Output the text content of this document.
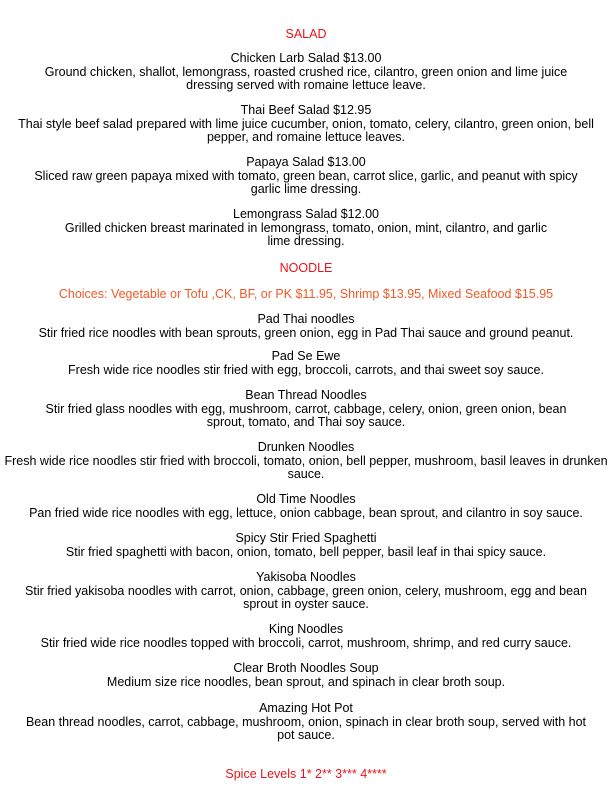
SALAD
Chicken Larb Salad $13.00
Ground chicken, shallot, lemongrass, roasted crushed rice, cilantro, green onion and lime juice dressing served with romaine lettuce leave.
Thai Beef Salad $12.95
Thai style beef salad prepared with lime juice cucumber, onion, tomato, celery, cilantro, green onion, bell pepper, and romaine lettuce leaves.
Papaya Salad $13.00
Sliced raw green papaya mixed with tomato, green bean, carrot slice, garlic, and peanut with spicy garlic lime dressing.
Lemongrass Salad $12.00
Grilled chicken breast marinated in lemongrass, tomato, onion, mint, cilantro, and garlic lime dressing.
NOODLE
Choices: Vegetable or Tofu ,CK, BF, or PK $11.95, Shrimp $13.95, Mixed Seafood $15.95
Pad Thai noodles
Stir fried rice noodles with bean sprouts, green onion, egg in Pad Thai sauce and ground peanut.
Pad Se Ewe
Fresh wide rice noodles stir fried with egg, broccoli, carrots, and thai sweet soy sauce.
Bean Thread Noodles
Stir fried glass noodles with egg, mushroom, carrot, cabbage, celery, onion, green onion, bean sprout, tomato, and Thai soy sauce.
Drunken Noodles
Fresh wide rice noodles stir fried with broccoli, tomato, onion, bell pepper, mushroom, basil leaves in drunken sauce.
Old Time Noodles
Pan fried wide rice noodles with egg, lettuce, onion cabbage, bean sprout, and cilantro in soy sauce.
Spicy Stir Fried Spaghetti
Stir fried spaghetti with bacon, onion, tomato, bell pepper, basil leaf in thai spicy sauce.
Yakisoba Noodles
Stir fried yakisoba noodles with carrot, onion, cabbage, green onion, celery, mushroom, egg and bean sprout in oyster sauce.
King Noodles
Stir fried wide rice noodles topped with broccoli, carrot, mushroom, shrimp, and red curry sauce.
Clear Broth Noodles Soup
Medium size rice noodles, bean sprout, and spinach in clear broth soup.
Amazing Hot Pot
Bean thread noodles, carrot, cabbage, mushroom, onion, spinach in clear broth soup, served with hot pot sauce.
Spice Levels 1* 2** 3*** 4****
